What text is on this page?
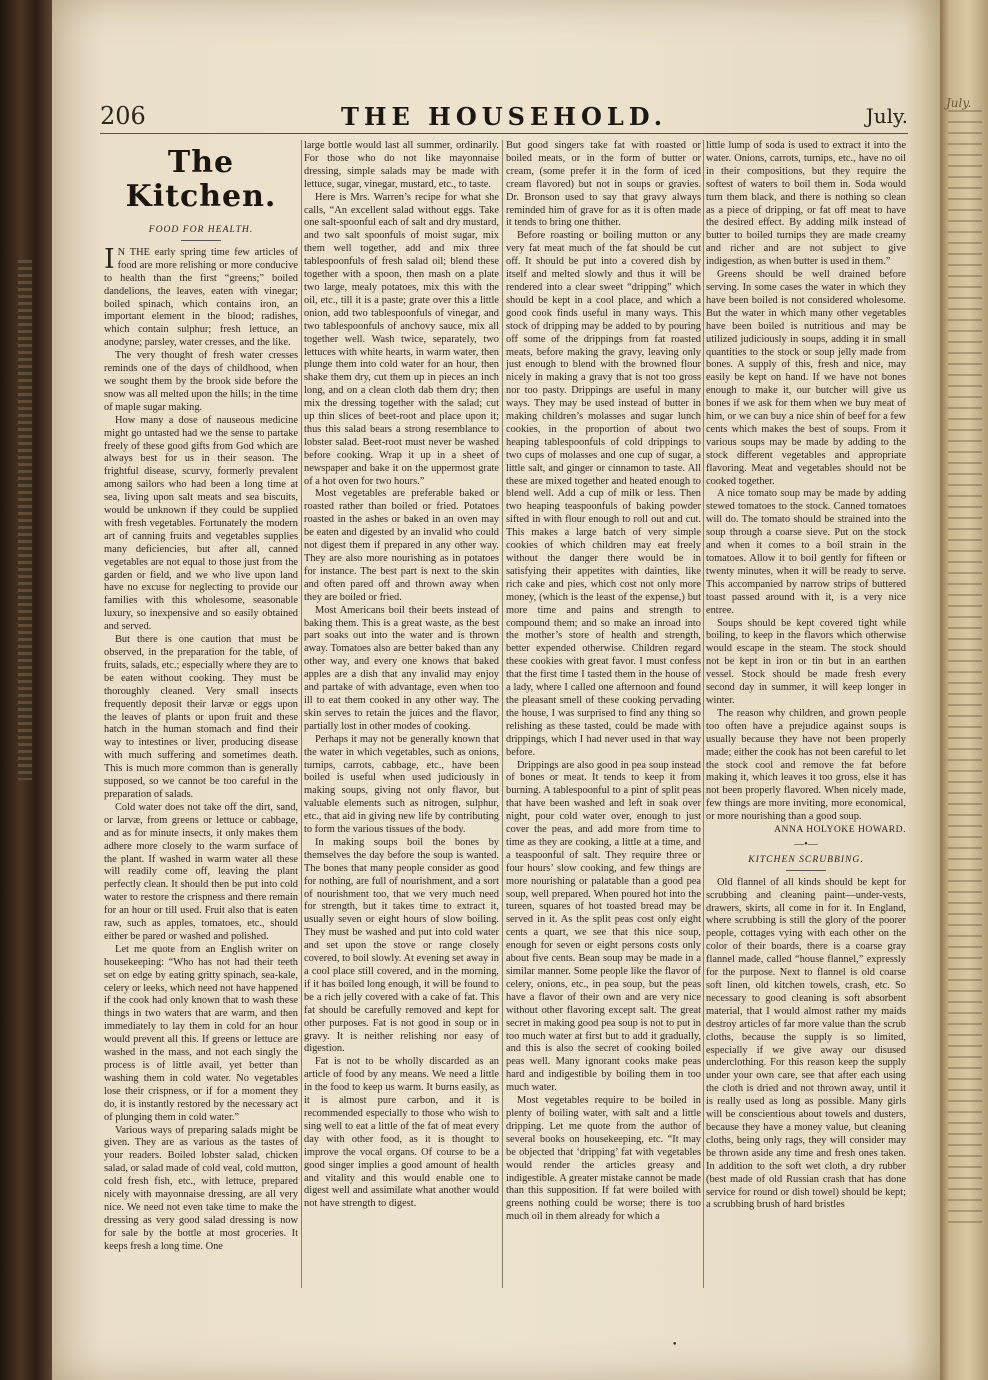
July.
206	THE HOUSEHOLD.	July.
The Kitchen.
FOOD FOR HEALTH.

I N THE early spring time few articles of food are more relishing or more conducive to health than the first “greens;” boiled dandelions, the leaves, eaten with vinegar; boiled spinach, which contains iron, an important element in the blood; radishes, which contain sulphur; fresh lettuce, an anodyne; parsley, water cresses, and the like.

The very thought of fresh water cresses reminds one of the days of childhood, when we sought them by the brook side before the snow was all melted upon the hills; in the time of maple sugar making.

How many a dose of nauseous medicine might go untasted had we the sense to partake freely of these good gifts from God which are always best for us in their season. The frightful disease, scurvy, formerly prevalent among sailors who had been a long time at sea, living upon salt meats and sea biscuits, would be unknown if they could be supplied with fresh vegetables. Fortunately the modern art of canning fruits and vegetables supplies many deficiencies, but after all, canned vegetables are not equal to those just from the garden or field, and we who live upon land have no excuse for neglecting to provide our families with this wholesome, seasonable luxury, so inexpensive and so easily obtained and served.

But there is one caution that must be observed, in the preparation for the table, of fruits, salads, etc.; especially where they are to be eaten without cooking. They must be thoroughly cleaned. Very small insects frequently deposit their larvæ or eggs upon the leaves of plants or upon fruit and these hatch in the human stomach and find their way to intestines or liver, producing disease with much suffering and sometimes death. This is much more common than is generally supposed, so we cannot be too careful in the preparation of salads.

Cold water does not take off the dirt, sand, or larvæ, from greens or lettuce or cabbage, and as for minute insects, it only makes them adhere more closely to the warm surface of the plant. If washed in warm water all these will readily come off, leaving the plant perfectly clean. It should then be put into cold water to restore the crispness and there remain for an hour or till used. Fruit also that is eaten raw, such as apples, tomatoes, etc., should either be pared or washed and polished.

Let me quote from an English writer on housekeeping: “Who has not had their teeth set on edge by eating gritty spinach, sea-kale, celery or leeks, which need not have happened if the cook had only known that to wash these things in two waters that are warm, and then immediately to lay them in cold for an hour would prevent all this. If greens or lettuce are washed in the mass, and not each singly the process is of little avail, yet better than washing them in cold water. No vegetables lose their crispness, or if for a moment they do, it is instantly restored by the necessary act of plunging them in cold water.”

Various ways of preparing salads might be given. They are as various as the tastes of your readers. Boiled lobster salad, chicken salad, or salad made of cold veal, cold mutton, cold fresh fish, etc., with lettuce, prepared nicely with mayonnaise dressing, are all very nice. We need not even take time to make the dressing as very good salad dressing is now for sale by the bottle at most groceries. It keeps fresh a long time. One

large bottle would last all summer, ordinarily. For those who do not like mayonnaise dressing, simple salads may be made with lettuce, sugar, vinegar, mustard, etc., to taste.

Here is Mrs. Warren’s recipe for what she calls, “An excellent salad without eggs. Take one salt-spoonful each of salt and dry mustard, and two salt spoonfuls of moist sugar, mix them well together, add and mix three tablespoonfuls of fresh salad oil; blend these together with a spoon, then mash on a plate two large, mealy potatoes, mix this with the oil, etc., till it is a paste; grate over this a little onion, add two tablespoonfuls of vinegar, and two tablespoonfuls of anchovy sauce, mix all together well. Wash twice, separately, two lettuces with white hearts, in warm water, then plunge them into cold water for an hour, then shake them dry, cut them up in pieces an inch long, and on a clean cloth dab them dry; then mix the dressing together with the salad; cut up thin slices of beet-root and place upon it; thus this salad bears a strong resemblance to lobster salad. Beet-root must never be washed before cooking. Wrap it up in a sheet of newspaper and bake it on the uppermost grate of a hot oven for two hours.”

Most vegetables are preferable baked or roasted rather than boiled or fried. Potatoes roasted in the ashes or baked in an oven may be eaten and digested by an invalid who could not digest them if prepared in any other way. They are also more nourishing as in potatoes for instance. The best part is next to the skin and often pared off and thrown away when they are boiled or fried.

Most Americans boil their beets instead of baking them. This is a great waste, as the best part soaks out into the water and is thrown away. Tomatoes also are better baked than any other way, and every one knows that baked apples are a dish that any invalid may enjoy and partake of with advantage, even when too ill to eat them cooked in any other way. The skin serves to retain the juices and the flavor, partially lost in other modes of cooking.

Perhaps it may not be generally known that the water in which vegetables, such as onions, turnips, carrots, cabbage, etc., have been boiled is useful when used judiciously in making soups, giving not only flavor, but valuable elements such as nitrogen, sulphur, etc., that aid in giving new life by contributing to form the various tissues of the body.

In making soups boil the bones by themselves the day before the soup is wanted. The bones that many people consider as good for nothing, are full of nourishment, and a sort of nourishment too, that we very much need for strength, but it takes time to extract it, usually seven or eight hours of slow boiling. They must be washed and put into cold water and set upon the stove or range closely covered, to boil slowly. At evening set away in a cool place still covered, and in the morning, if it has boiled long enough, it will be found to be a rich jelly covered with a cake of fat. This fat should be carefully removed and kept for other purposes. Fat is not good in soup or in gravy. It is neither relishing nor easy of digestion.

Fat is not to be wholly discarded as an article of food by any means. We need a little in the food to keep us warm. It burns easily, as it is almost pure carbon, and it is recommended especially to those who wish to sing well to eat a little of the fat of meat every day with other food, as it is thought to improve the vocal organs. Of course to be a good singer implies a good amount of health and vitality and this would enable one to digest well and assimilate what another would not have strength to digest.

But good singers take fat with roasted or boiled meats, or in the form of butter or cream, (some prefer it in the form of iced cream flavored) but not in soups or gravies. Dr. Bronson used to say that gravy always reminded him of grave for as it is often made it tends to bring one thither.

Before roasting or boiling mutton or any very fat meat much of the fat should be cut off. It should be put into a covered dish by itself and melted slowly and thus it will be rendered into a clear sweet “dripping” which should be kept in a cool place, and which a good cook finds useful in many ways. This stock of dripping may be added to by pouring off some of the drippings from fat roasted meats, before making the gravy, leaving only just enough to blend with the browned flour nicely in making a gravy that is not too gross nor too pasty. Drippings are useful in many ways. They may be used instead of butter in making children’s molasses and sugar lunch cookies, in the proportion of about two heaping tablespoonfuls of cold drippings to two cups of molasses and one cup of sugar, a little salt, and ginger or cinnamon to taste. All these are mixed together and heated enough to blend well. Add a cup of milk or less. Then two heaping teaspoonfuls of baking powder sifted in with flour enough to roll out and cut. This makes a large batch of very simple cookies of which children may eat freely without the danger there would be in satisfying their appetites with dainties, like rich cake and pies, which cost not only more money, (which is the least of the expense,) but more time and pains and strength to compound them; and so make an inroad into the mother’s store of health and strength, better expended otherwise. Children regard these cookies with great favor. I must confess that the first time I tasted them in the house of a lady, where I called one afternoon and found the pleasant smell of these cooking pervading the house, I was surprised to find any thing so relishing as these tasted, could be made with drippings, which I had never used in that way before.

Drippings are also good in pea soup instead of bones or meat. It tends to keep it from burning. A tablespoonful to a pint of split peas that have been washed and left in soak over night, pour cold water over, enough to just cover the peas, and add more from time to time as they are cooking, a little at a time, and a teaspoonful of salt. They require three or four hours’ slow cooking, and few things are more nourishing or palatable than a good pea soup, well prepared. When poured hot into the tureen, squares of hot toasted bread may be served in it. As the split peas cost only eight cents a quart, we see that this nice soup, enough for seven or eight persons costs only about five cents. Bean soup may be made in a similar manner. Some people like the flavor of celery, onions, etc., in pea soup, but the peas have a flavor of their own and are very nice without other flavoring except salt. The great secret in making good pea soup is not to put in too much water at first but to add it gradually, and this is also the secret of cooking boiled peas well. Many ignorant cooks make peas hard and indigestible by boiling them in too much water.

Most vegetables require to be boiled in plenty of boiling water, with salt and a little dripping. Let me quote from the author of several books on housekeeping, etc. “It may be objected that ‘dripping’ fat with vegetables would render the articles greasy and indigestible. A greater mistake cannot be made than this supposition. If fat were boiled with greens nothing could be worse; there is too much oil in them already for which a

little lump of soda is used to extract it into the water. Onions, carrots, turnips, etc., have no oil in their compositions, but they require the softest of waters to boil them in. Soda would turn them black, and there is nothing so clean as a piece of dripping, or fat off meat to have the desired effect. By adding milk instead of butter to boiled turnips they are made creamy and richer and are not subject to give indigestion, as when butter is used in them.”

Greens should be well drained before serving. In some cases the water in which they have been boiled is not considered wholesome. But the water in which many other vegetables have been boiled is nutritious and may be utilized judiciously in soups, adding it in small quantities to the stock or soup jelly made from bones. A supply of this, fresh and nice, may easily be kept on hand. If we have not bones enough to make it, our butcher will give us bones if we ask for them when we buy meat of him, or we can buy a nice shin of beef for a few cents which makes the best of soups. From it various soups may be made by adding to the stock different vegetables and appropriate flavoring. Meat and vegetables should not be cooked together.

A nice tomato soup may be made by adding stewed tomatoes to the stock. Canned tomatoes will do. The tomato should be strained into the soup through a coarse sieve. Put on the stock and when it comes to a boil strain in the tomatoes. Allow it to boil gently for fifteen or twenty minutes, when it will be ready to serve. This accompanied by narrow strips of buttered toast passed around with it, is a very nice entree.

Soups should be kept covered tight while boiling, to keep in the flavors which otherwise would escape in the steam. The stock should not be kept in iron or tin but in an earthen vessel. Stock should be made fresh every second day in summer, it will keep longer in winter.

The reason why children, and grown people too often have a prejudice against soups is usually because they have not been properly made; either the cook has not been careful to let the stock cool and remove the fat before making it, which leaves it too gross, else it has not been properly flavored. When nicely made, few things are more inviting, more economical, or more nourishing than a good soup.

ANNA HOLYOKE HOWARD.
—•—
KITCHEN SCRUBBING.

Old flannel of all kinds should be kept for scrubbing and cleaning paint—under-vests, drawers, skirts, all come in for it. In England, where scrubbing is still the glory of the poorer people, cottages vying with each other on the color of their boards, there is a coarse gray flannel made, called “house flannel,” expressly for the purpose. Next to flannel is old coarse soft linen, old kitchen towels, crash, etc. So necessary to good cleaning is soft absorbent material, that I would almost rather my maids destroy articles of far more value than the scrub cloths, because the supply is so limited, especially if we give away our disused underclothing. For this reason keep the supply under your own care, see that after each using the cloth is dried and not thrown away, until it is really used as long as possible. Many girls will be conscientious about towels and dusters, because they have a money value, but cleaning cloths, being only rags, they will consider may be thrown aside any time and fresh ones taken. In addition to the soft wet cloth, a dry rubber (best made of old Russian crash that has done service for round or dish towel) should be kept; a scrubbing brush of hard bristles

•
